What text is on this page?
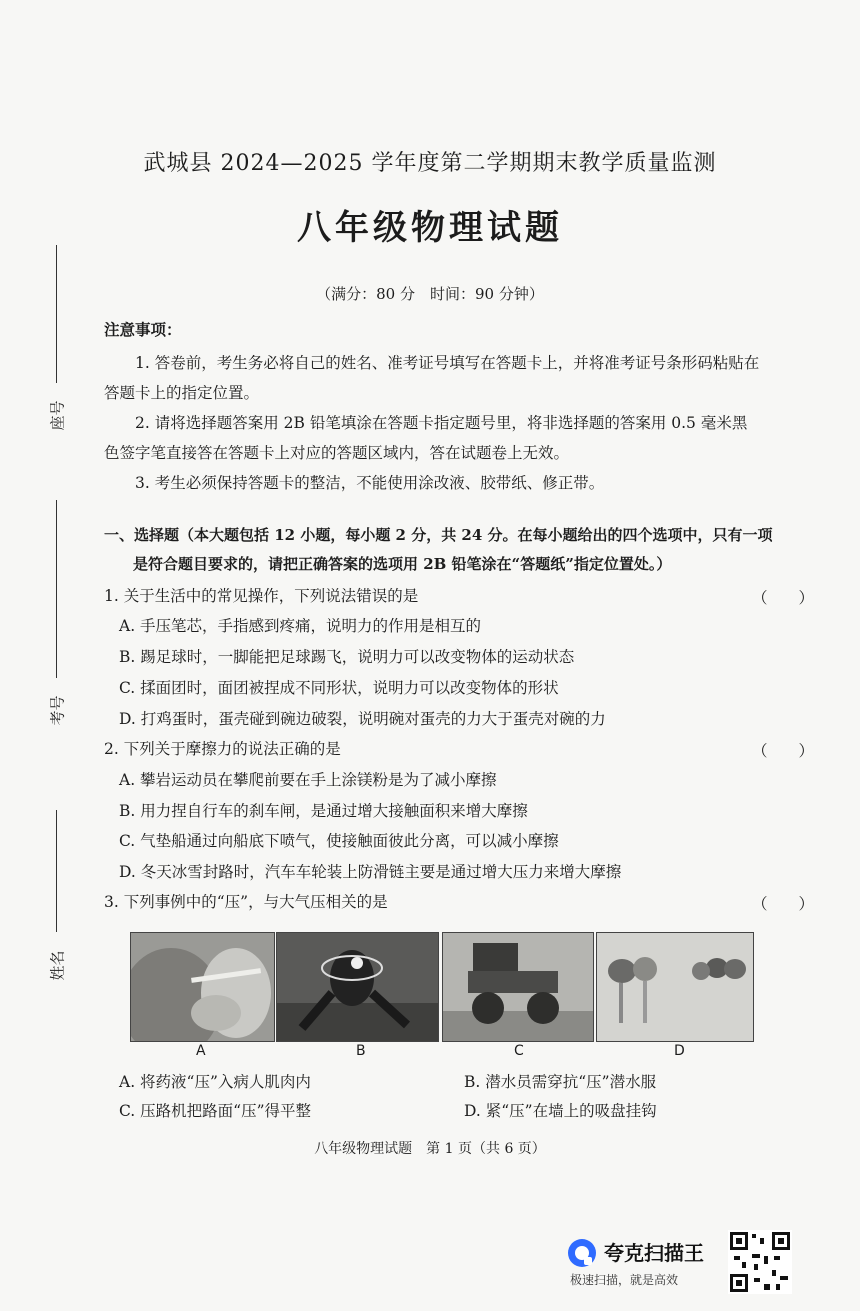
武城县 2024—2025 学年度第二学期期末教学质量监测
八年级物理试题
（满分：80 分　时间：90 分钟）
座号
考号
姓名
注意事项：
1. 答卷前，考生务必将自己的姓名、准考证号填写在答题卡上，并将准考证号条形码粘贴在
答题卡上的指定位置。
2. 请将选择题答案用 2B 铅笔填涂在答题卡指定题号里，将非选择题的答案用 0.5 毫米黑
色签字笔直接答在答题卡上对应的答题区域内，答在试题卷上无效。
3. 考生必须保持答题卡的整洁，不能使用涂改液、胶带纸、修正带。
一、选择题（本大题包括 12 小题，每小题 2 分，共 24 分。在每小题给出的四个选项中，只有一项
是符合题目要求的，请把正确答案的选项用 2B 铅笔涂在“答题纸”指定位置处。）
1. 关于生活中的常见操作，下列说法错误的是	（　　）
A. 手压笔芯，手指感到疼痛，说明力的作用是相互的
B. 踢足球时，一脚能把足球踢飞，说明力可以改变物体的运动状态
C. 揉面团时，面团被捏成不同形状，说明力可以改变物体的形状
D. 打鸡蛋时，蛋壳碰到碗边破裂，说明碗对蛋壳的力大于蛋壳对碗的力
2. 下列关于摩擦力的说法正确的是	（　　）
A. 攀岩运动员在攀爬前要在手上涂镁粉是为了减小摩擦
B. 用力捏自行车的刹车闸，是通过增大接触面积来增大摩擦
C. 气垫船通过向船底下喷气，使接触面彼此分离，可以减小摩擦
D. 冬天冰雪封路时，汽车车轮装上防滑链主要是通过增大压力来增大摩擦
3. 下列事例中的“压”，与大气压相关的是	（　　）
A	B	C	D
A. 将药液“压”入病人肌肉内	B. 潜水员需穿抗“压”潜水服
C. 压路机把路面“压”得平整	D. 紧“压”在墙上的吸盘挂钩
八年级物理试题　第 1 页（共 6 页）
夸克扫描王
极速扫描，就是高效
